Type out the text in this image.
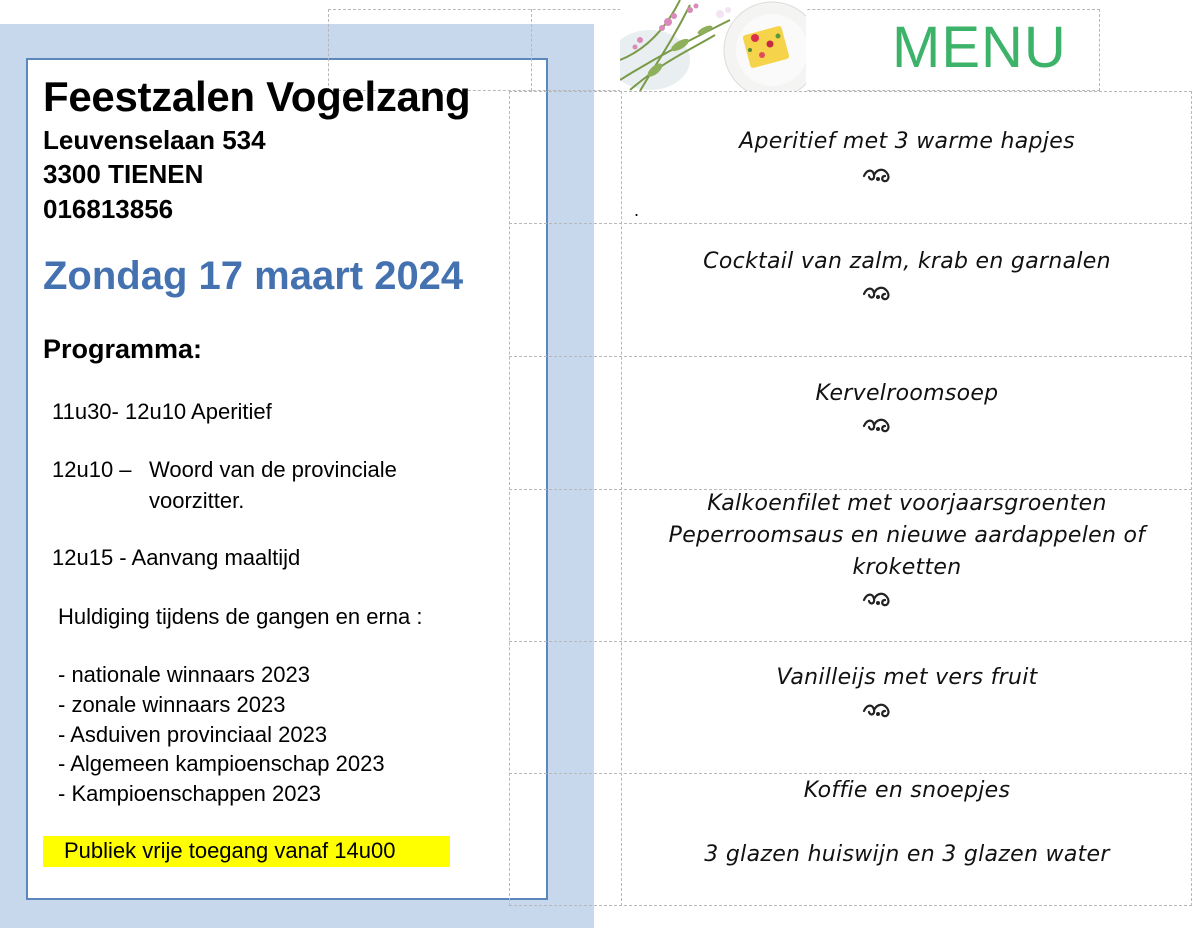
Feestzalen Vogelzang
Leuvenselaan 534
3300 TIENEN
016813856
Zondag 17 maart 2024
Programma:
11u30- 12u10 Aperitief
12u10 – Woord van de provinciale
voorzitter.
12u15 - Aanvang maaltijd
Huldiging tijdens de gangen en erna :
- nationale winnaars 2023
- zonale winnaars 2023
- Asduiven provinciaal 2023
- Algemeen kampioenschap 2023
- Kampioenschappen 2023
Publiek vrije toegang vanaf 14u00
MENU
Aperitief met 3 warme hapjes
.
Cocktail van zalm, krab en garnalen
Kervelroomsoep
Kalkoenfilet met voorjaarsgroenten
Peperroomsaus en nieuwe aardappelen of
kroketten
Vanilleijs met vers fruit
Koffie en snoepjes
3 glazen huiswijn en 3 glazen water
